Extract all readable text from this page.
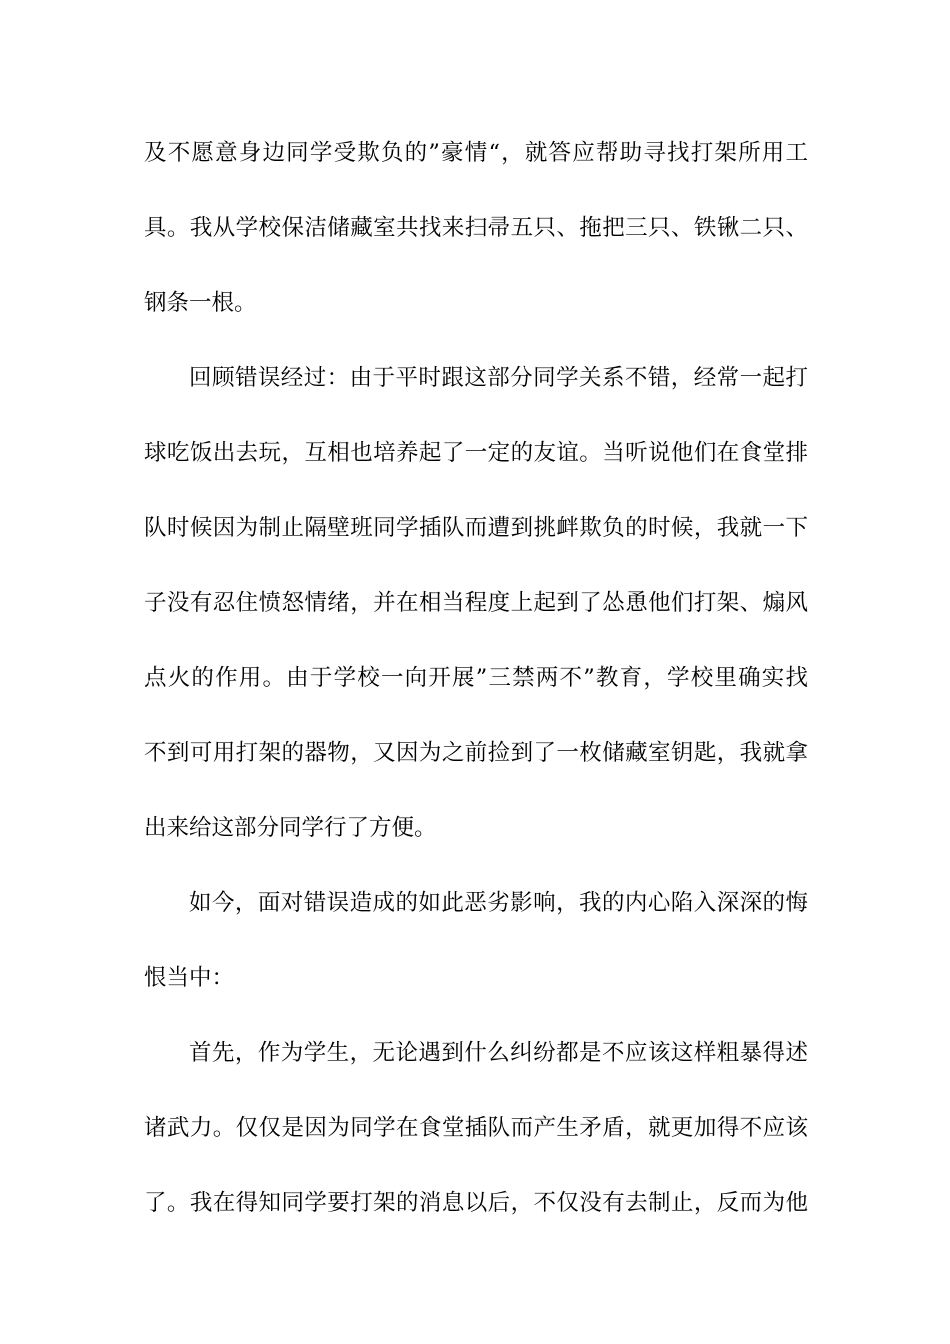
及不愿意身边同学受欺负的”豪情“，就答应帮助寻找打架所用工
具。我从学校保洁储藏室共找来扫帚五只、拖把三只、铁锹二只、
钢条一根。
回顾错误经过：由于平时跟这部分同学关系不错，经常一起打
球吃饭出去玩，互相也培养起了一定的友谊。当听说他们在食堂排
队时候因为制止隔壁班同学插队而遭到挑衅欺负的时候，我就一下
子没有忍住愤怒情绪，并在相当程度上起到了怂恿他们打架、煽风
点火的作用。由于学校一向开展”三禁两不”教育，学校里确实找
不到可用打架的器物，又因为之前捡到了一枚储藏室钥匙，我就拿
出来给这部分同学行了方便。
如今，面对错误造成的如此恶劣影响，我的内心陷入深深的悔
恨当中：
首先，作为学生，无论遇到什么纠纷都是不应该这样粗暴得述
诸武力。仅仅是因为同学在食堂插队而产生矛盾，就更加得不应该
了。我在得知同学要打架的消息以后，不仅没有去制止，反而为他
